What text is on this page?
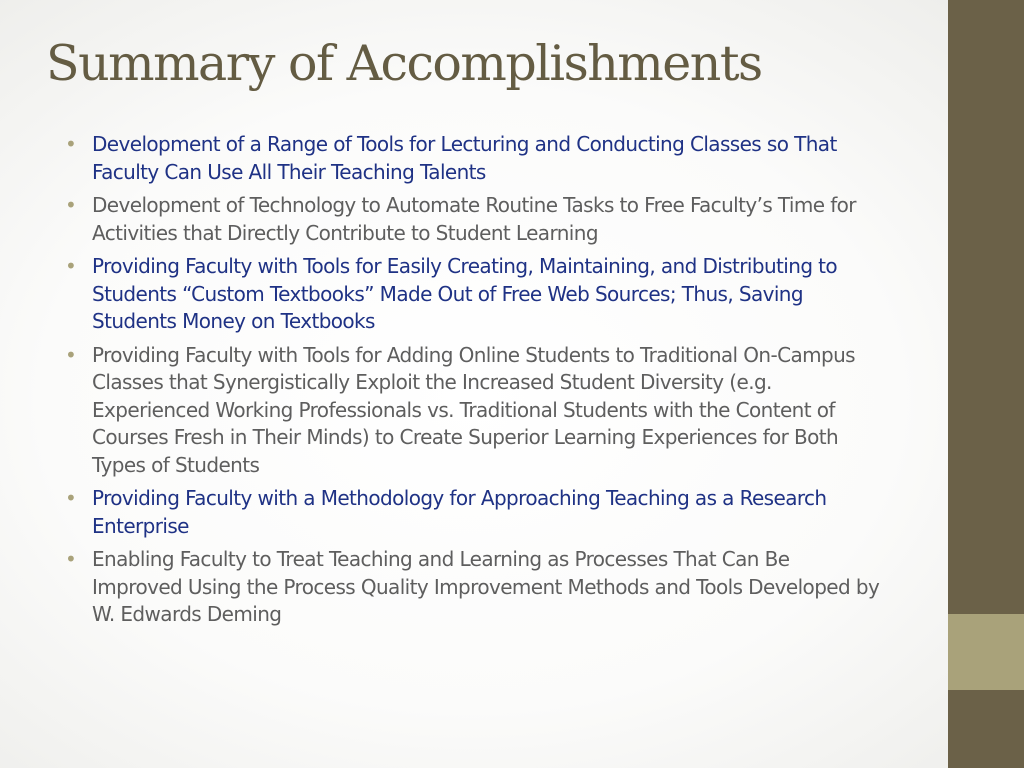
Summary of Accomplishments
• Development of a Range of Tools for Lecturing and Conducting Classes so That Faculty Can Use All Their Teaching Talents
• Development of Technology to Automate Routine Tasks to Free Faculty’s Time for Activities that Directly Contribute to Student Learning
• Providing Faculty with Tools for Easily Creating, Maintaining, and Distributing to Students “Custom Textbooks” Made Out of Free Web Sources; Thus, Saving Students Money on Textbooks
• Providing Faculty with Tools for Adding Online Students to Traditional On-Campus Classes that Synergistically Exploit the Increased Student Diversity (e.g. Experienced Working Professionals vs. Traditional Students with the Content of Courses Fresh in Their Minds) to Create Superior Learning Experiences for Both Types of Students
• Providing Faculty with a Methodology for Approaching Teaching as a Research Enterprise
• Enabling Faculty to Treat Teaching and Learning as Processes That Can Be Improved Using the Process Quality Improvement Methods and Tools Developed by W. Edwards Deming
